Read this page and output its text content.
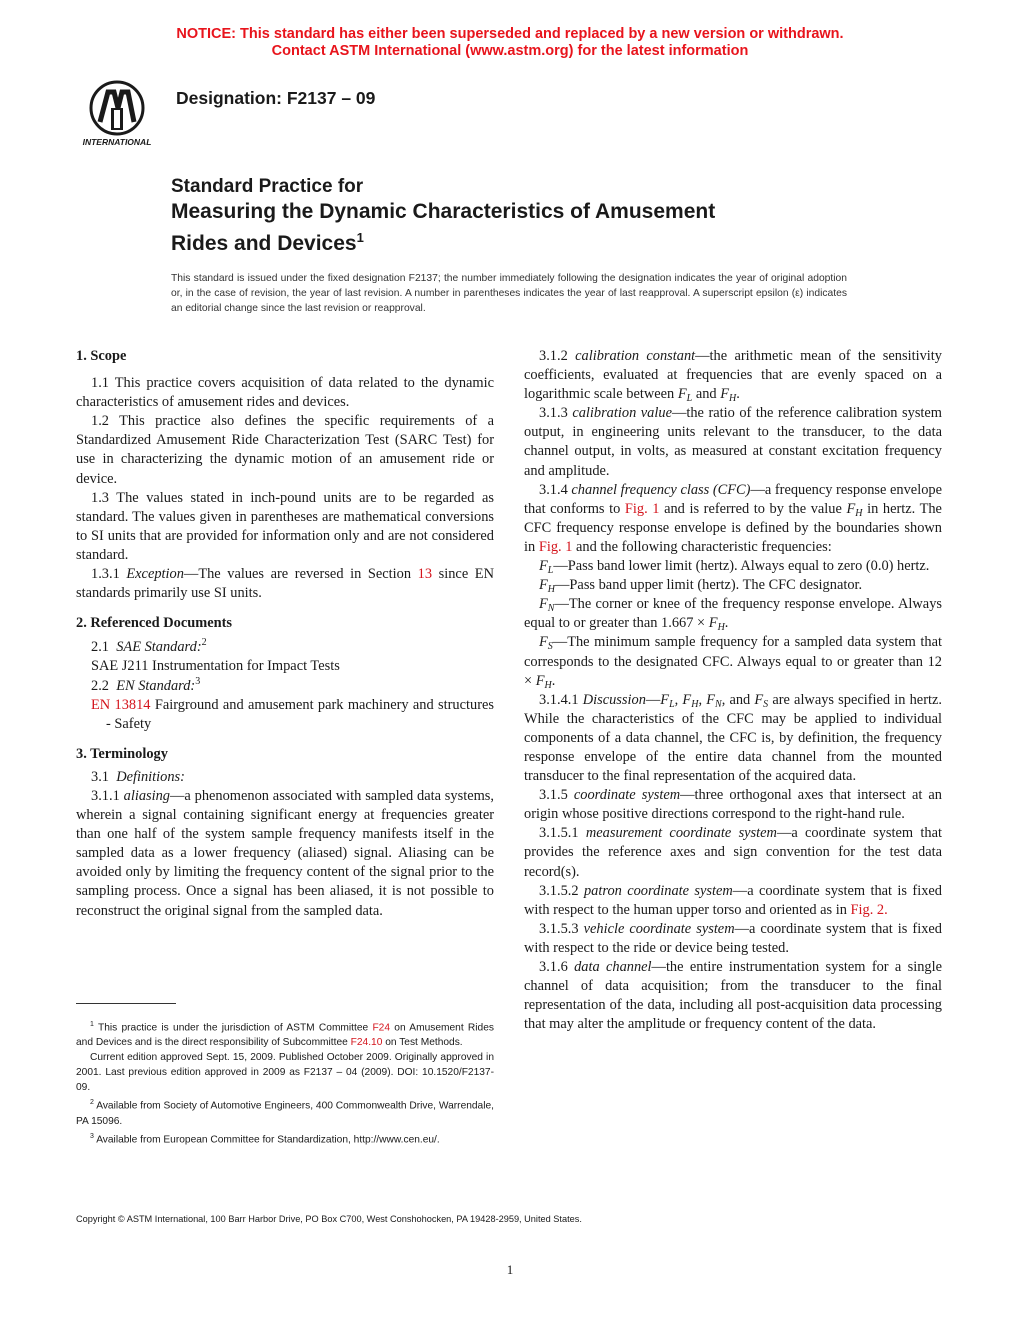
NOTICE: This standard has either been superseded and replaced by a new version or withdrawn.
Contact ASTM International (www.astm.org) for the latest information
INTERNATIONAL
Designation: F2137 – 09
Standard Practice for
Measuring the Dynamic Characteristics of Amusement
Rides and Devices$^1$
This standard is issued under the fixed designation F2137; the number immediately following the designation indicates the year of original adoption or, in the case of revision, the year of last revision. A number in parentheses indicates the year of last reapproval. A superscript epsilon (ε) indicates an editorial change since the last revision or reapproval.
1. Scope

1.1 This practice covers acquisition of data related to the dynamic characteristics of amusement rides and devices.

1.2 This practice also defines the specific requirements of a Standardized Amusement Ride Characterization Test (SARC Test) for use in characterizing the dynamic motion of an amusement ride or device.

1.3 The values stated in inch-pound units are to be regarded as standard. The values given in parentheses are mathematical conversions to SI units that are provided for information only and are not considered standard.

1.3.1 Exception—The values are reversed in Section 13 since EN standards primarily use SI units.

2. Referenced Documents

2.1 SAE Standard:$^2$

SAE J211 Instrumentation for Impact Tests

2.2 EN Standard:$^3$

EN 13814 Fairground and amusement park machinery and structures - Safety

3. Terminology

3.1 Definitions:

3.1.1 aliasing—a phenomenon associated with sampled data systems, wherein a signal containing significant energy at frequencies greater than one half of the system sample frequency manifests itself in the sampled data as a lower frequency (aliased) signal. Aliasing can be avoided only by limiting the frequency content of the signal prior to the sampling process. Once a signal has been aliased, it is not possible to reconstruct the original signal from the sampled data.

$^1$ This practice is under the jurisdiction of ASTM Committee F24 on Amusement Rides and Devices and is the direct responsibility of Subcommittee F24.10 on Test Methods.

Current edition approved Sept. 15, 2009. Published October 2009. Originally approved in 2001. Last previous edition approved in 2009 as F2137 – 04 (2009). DOI: 10.1520/F2137-09.

$^2$ Available from Society of Automotive Engineers, 400 Commonwealth Drive, Warrendale, PA 15096.

$^3$ Available from European Committee for Standardization, http://www.cen.eu/.

3.1.2 calibration constant—the arithmetic mean of the sensitivity coefficients, evaluated at frequencies that are evenly spaced on a logarithmic scale between $F_L$ and $F_H$.

3.1.3 calibration value—the ratio of the reference calibration system output, in engineering units relevant to the transducer, to the data channel output, in volts, as measured at constant excitation frequency and amplitude.

3.1.4 channel frequency class (CFC)—a frequency response envelope that conforms to Fig. 1 and is referred to by the value $F_H$ in hertz. The CFC frequency response envelope is defined by the boundaries shown in Fig. 1 and the following characteristic frequencies:

$F_L—Pass$ band lower limit (hertz). Always equal to zero (0.0) hertz.

$F_H—Pass$ band upper limit (hertz). The CFC designator.

$F_N—The$ corner or knee of the frequency response envelope. Always equal to or greater than $1.667 \times F_H$.

$F_S—The$ minimum sample frequency for a sampled data system that corresponds to the designated CFC. Always equal to or greater than $12 \times F_H$.

3.1.4.1 $Discussion—F_L$, $F_H$, $F_N$, and $F_S$ are always specified in hertz. While the characteristics of the CFC may be applied to individual components of a data channel, the CFC is, by definition, the frequency response envelope of the entire data channel from the mounted transducer to the final representation of the acquired data.

3.1.5 coordinate system—three orthogonal axes that intersect at an origin whose positive directions correspond to the right-hand rule.

3.1.5.1 measurement coordinate system—a coordinate system that provides the reference axes and sign convention for the test data record(s).

3.1.5.2 patron coordinate system—a coordinate system that is fixed with respect to the human upper torso and oriented as in Fig. 2.

3.1.5.3 vehicle coordinate system—a coordinate system that is fixed with respect to the ride or device being tested.

3.1.6 data channel—the entire instrumentation system for a single channel of data acquisition; from the transducer to the final representation of the data, including all post-acquisition data processing that may alter the amplitude or frequency content of the data.

Copyright © ASTM International, 100 Barr Harbor Drive, PO Box C700, West Conshohocken, PA 19428-2959, United States.
1
